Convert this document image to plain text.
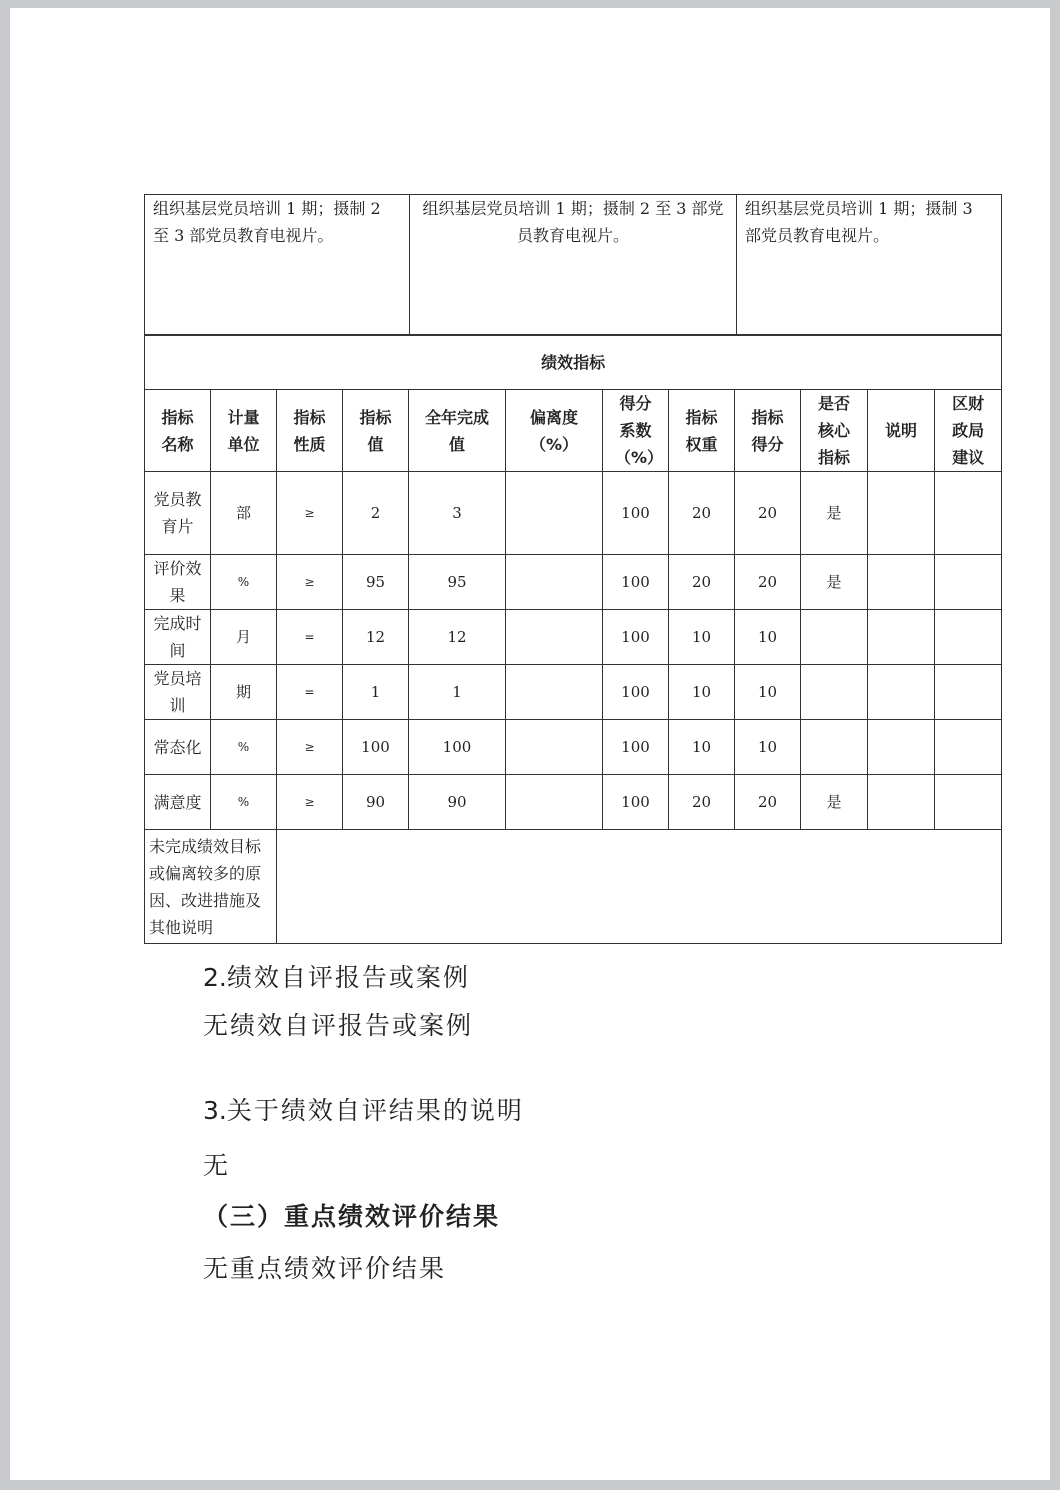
组织基层党员培训 1 期；摄制 2 至 3 部党员教育电视片。	组织基层党员培训 1 期；摄制 2 至 3 部党员教育电视片。	组织基层党员培训 1 期；摄制 3 部党员教育电视片。
绩效指标											
指标名称	计量单位	指标性质	指标值	全年完成值	偏离度（%）	得分系数（%）	指标权重	指标得分	是否核心指标	说明	区财政局建议
党员教育片	部	≥	2	3		100	20	20	是		
评价效果	%	≥	95	95		100	20	20	是		
完成时间	月	=	12	12		100	10	10			
党员培训	期	=	1	1		100	10	10			
常态化	%	≥	100	100		100	10	10			
满意度	%	≥	90	90		100	20	20	是		
未完成绩效目标或偏离较多的原因、改进措施及其他说明											
2.绩效自评报告或案例
无绩效自评报告或案例
3.关于绩效自评结果的说明
无
（三）重点绩效评价结果
无重点绩效评价结果
